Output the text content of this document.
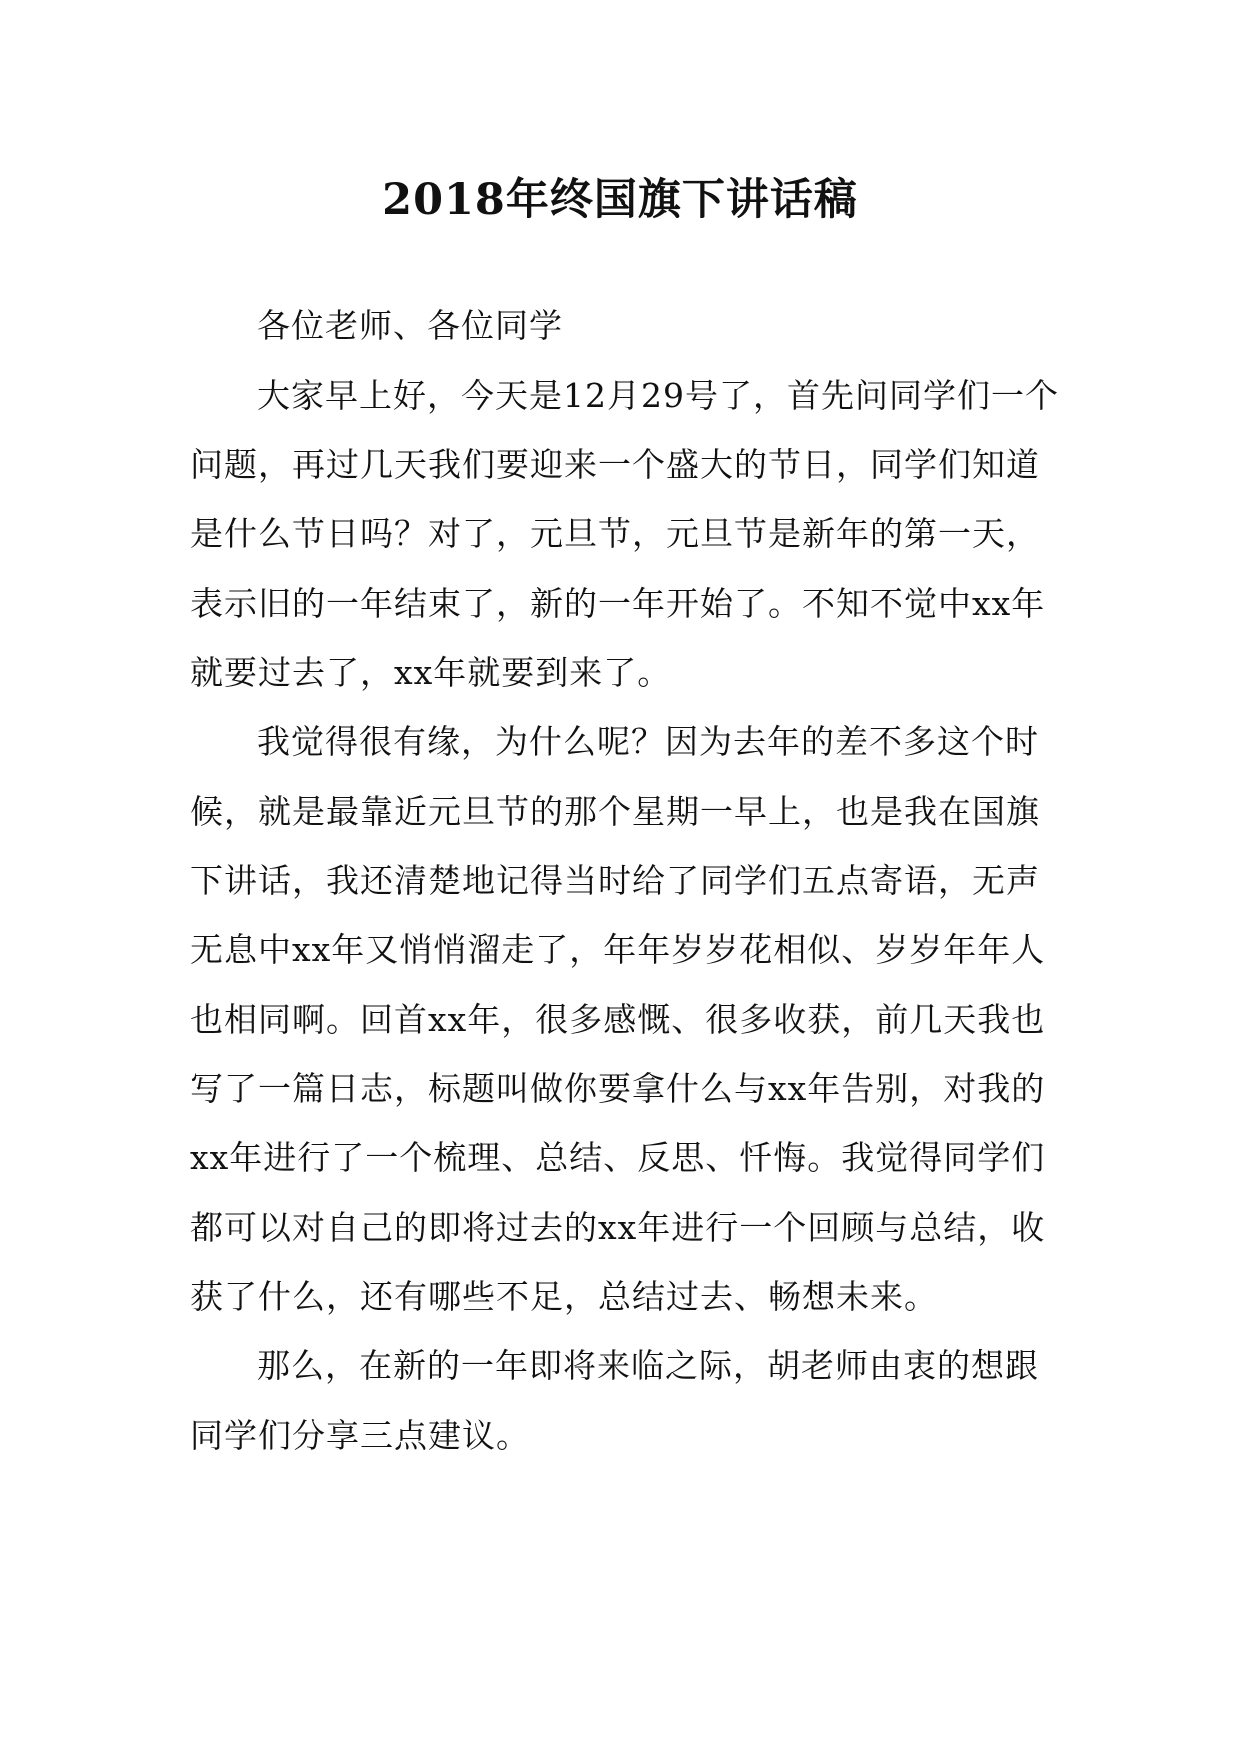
2018年终国旗下讲话稿
各位老师、各位同学
大家早上好，今天是12月29号了，首先问同学们一个
问题，再过几天我们要迎来一个盛大的节日，同学们知道
是什么节日吗？对了，元旦节，元旦节是新年的第一天，
表示旧的一年结束了，新的一年开始了。不知不觉中xx年
就要过去了，xx年就要到来了。
我觉得很有缘，为什么呢？因为去年的差不多这个时
候，就是最靠近元旦节的那个星期一早上，也是我在国旗
下讲话，我还清楚地记得当时给了同学们五点寄语，无声
无息中xx年又悄悄溜走了，年年岁岁花相似、岁岁年年人
也相同啊。回首xx年，很多感慨、很多收获，前几天我也
写了一篇日志，标题叫做你要拿什么与xx年告别，对我的
xx年进行了一个梳理、总结、反思、忏悔。我觉得同学们
都可以对自己的即将过去的xx年进行一个回顾与总结，收
获了什么，还有哪些不足，总结过去、畅想未来。
那么，在新的一年即将来临之际，胡老师由衷的想跟
同学们分享三点建议。
